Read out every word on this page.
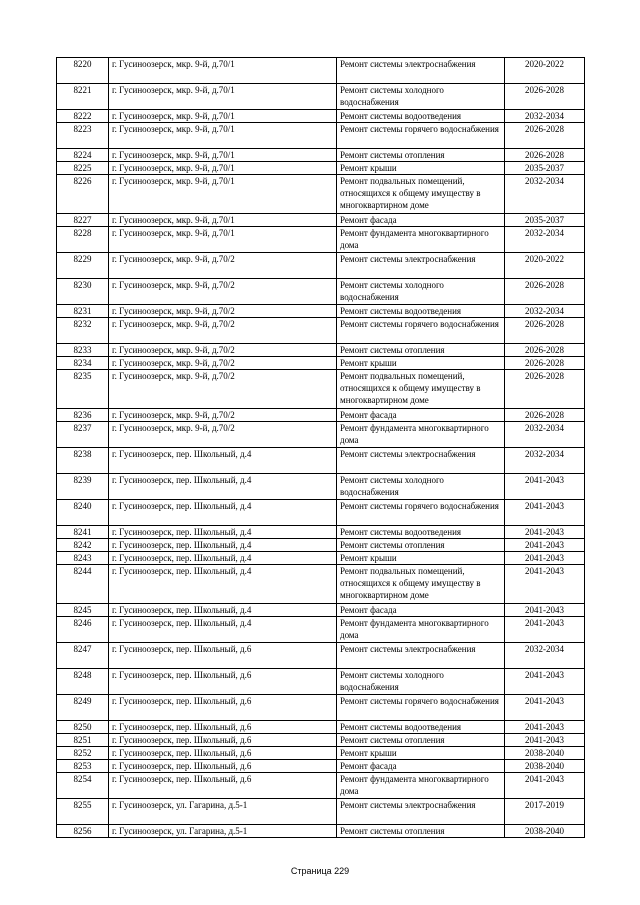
8220	г. Гусиноозерск, мкр. 9-й, д.70/1	Ремонт системы электроснабжения	2020-2022
8221	г. Гусиноозерск, мкр. 9-й, д.70/1	Ремонт системы холодного водоснабжения	2026-2028
8222	г. Гусиноозерск, мкр. 9-й, д.70/1	Ремонт системы водоотведения	2032-2034
8223	г. Гусиноозерск, мкр. 9-й, д.70/1	Ремонт системы горячего водоснабжения	2026-2028
8224	г. Гусиноозерск, мкр. 9-й, д.70/1	Ремонт системы отопления	2026-2028
8225	г. Гусиноозерск, мкр. 9-й, д.70/1	Ремонт крыши	2035-2037
8226	г. Гусиноозерск, мкр. 9-й, д.70/1	Ремонт подвальных помещений, относящихся к общему имуществу в многоквартирном доме	2032-2034
8227	г. Гусиноозерск, мкр. 9-й, д.70/1	Ремонт фасада	2035-2037
8228	г. Гусиноозерск, мкр. 9-й, д.70/1	Ремонт фундамента многоквартирного дома	2032-2034
8229	г. Гусиноозерск, мкр. 9-й, д.70/2	Ремонт системы электроснабжения	2020-2022
8230	г. Гусиноозерск, мкр. 9-й, д.70/2	Ремонт системы холодного водоснабжения	2026-2028
8231	г. Гусиноозерск, мкр. 9-й, д.70/2	Ремонт системы водоотведения	2032-2034
8232	г. Гусиноозерск, мкр. 9-й, д.70/2	Ремонт системы горячего водоснабжения	2026-2028
8233	г. Гусиноозерск, мкр. 9-й, д.70/2	Ремонт системы отопления	2026-2028
8234	г. Гусиноозерск, мкр. 9-й, д.70/2	Ремонт крыши	2026-2028
8235	г. Гусиноозерск, мкр. 9-й, д.70/2	Ремонт подвальных помещений, относящихся к общему имуществу в многоквартирном доме	2026-2028
8236	г. Гусиноозерск, мкр. 9-й, д.70/2	Ремонт фасада	2026-2028
8237	г. Гусиноозерск, мкр. 9-й, д.70/2	Ремонт фундамента многоквартирного дома	2032-2034
8238	г. Гусиноозерск, пер. Школьный, д.4	Ремонт системы электроснабжения	2032-2034
8239	г. Гусиноозерск, пер. Школьный, д.4	Ремонт системы холодного водоснабжения	2041-2043
8240	г. Гусиноозерск, пер. Школьный, д.4	Ремонт системы горячего водоснабжения	2041-2043
8241	г. Гусиноозерск, пер. Школьный, д.4	Ремонт системы водоотведения	2041-2043
8242	г. Гусиноозерск, пер. Школьный, д.4	Ремонт системы отопления	2041-2043
8243	г. Гусиноозерск, пер. Школьный, д.4	Ремонт крыши	2041-2043
8244	г. Гусиноозерск, пер. Школьный, д.4	Ремонт подвальных помещений, относящихся к общему имуществу в многоквартирном доме	2041-2043
8245	г. Гусиноозерск, пер. Школьный, д.4	Ремонт фасада	2041-2043
8246	г. Гусиноозерск, пер. Школьный, д.4	Ремонт фундамента многоквартирного дома	2041-2043
8247	г. Гусиноозерск, пер. Школьный, д.6	Ремонт системы электроснабжения	2032-2034
8248	г. Гусиноозерск, пер. Школьный, д.6	Ремонт системы холодного водоснабжения	2041-2043
8249	г. Гусиноозерск, пер. Школьный, д.6	Ремонт системы горячего водоснабжения	2041-2043
8250	г. Гусиноозерск, пер. Школьный, д.6	Ремонт системы водоотведения	2041-2043
8251	г. Гусиноозерск, пер. Школьный, д.6	Ремонт системы отопления	2041-2043
8252	г. Гусиноозерск, пер. Школьный, д.6	Ремонт крыши	2038-2040
8253	г. Гусиноозерск, пер. Школьный, д.6	Ремонт фасада	2038-2040
8254	г. Гусиноозерск, пер. Школьный, д.6	Ремонт фундамента многоквартирного дома	2041-2043
8255	г. Гусиноозерск, ул. Гагарина, д.5-1	Ремонт системы электроснабжения	2017-2019
8256	г. Гусиноозерск, ул. Гагарина, д.5-1	Ремонт системы отопления	2038-2040
Страница 229
